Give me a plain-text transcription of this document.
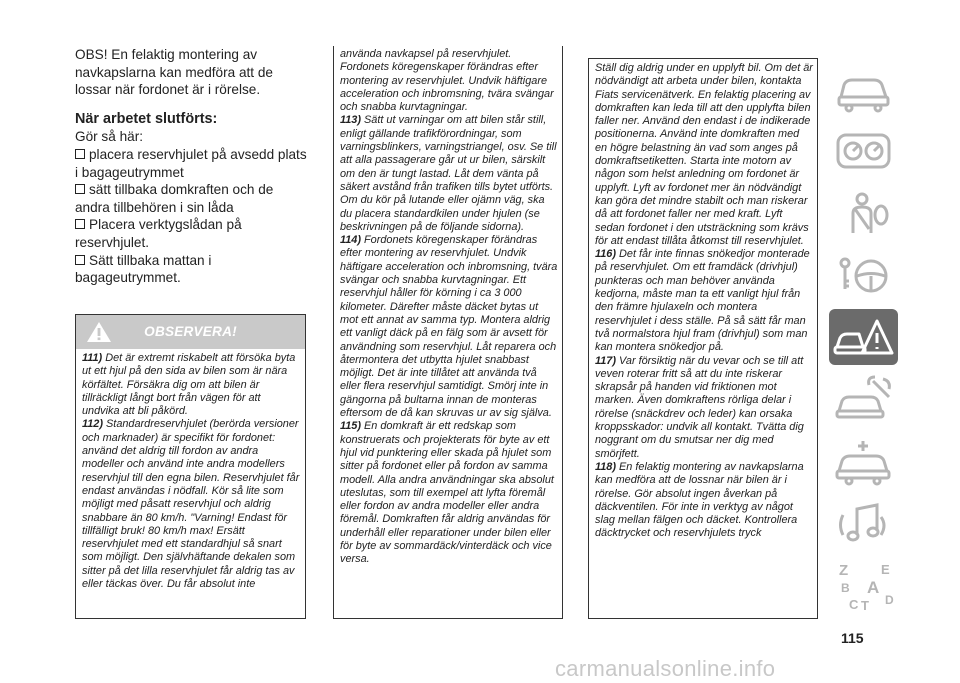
OBS! En felaktig montering av navkapslarna kan medföra att de lossar när fordonet är i rörelse.

När arbetet slutförts:

Gör så här:

placera reservhjulet på avsedd plats i bagageutrymmet
sätt tillbaka domkraften och de andra tillbehören i sin låda
Placera verktygslådan på reservhjulet.
Sätt tillbaka mattan i bagageutrymmet.
OBSERVERA!

111) Det är extremt riskabelt att försöka byta ut ett hjul på den sida av bilen som är nära körfältet. Försäkra dig om att bilen är tillräckligt långt bort från vägen för att undvika att bli påkörd.

112) Standardreservhjulet (berörda versioner och marknader) är specifikt för fordonet: använd det aldrig till fordon av andra modeller och använd inte andra modellers reservhjul till den egna bilen. Reservhjulet får endast användas i nödfall. Kör så lite som möjligt med påsatt reservhjul och aldrig snabbare än 80 km/h. "Varning! Endast för tillfälligt bruk! 80 km/h max! Ersätt reservhjulet med ett standardhjul så snart som möjligt. Den självhäftande dekalen som sitter på det lilla reservhjulet får aldrig tas av eller täckas över. Du får absolut inte

använda navkapsel på reservhjulet. Fordonets köregenskaper förändras efter montering av reservhjulet. Undvik häftigare acceleration och inbromsning, tvära svängar och snabba kurvtagningar.

113) Sätt ut varningar om att bilen står still, enligt gällande trafikförordningar, som varningsblinkers, varningstriangel, osv. Se till att alla passagerare går ut ur bilen, särskilt om den är tungt lastad. Låt dem vänta på säkert avstånd från trafiken tills bytet utförts. Om du kör på lutande eller ojämn väg, ska du placera standardkilen under hjulen (se beskrivningen på de följande sidorna).

114) Fordonets köregenskaper förändras efter montering av reservhjulet. Undvik häftigare acceleration och inbromsning, tvära svängar och snabba kurvtagningar. Ett reservhjul håller för körning i ca 3 000 kilometer. Därefter måste däcket bytas ut mot ett annat av samma typ. Montera aldrig ett vanligt däck på en fälg som är avsett för användning som reservhjul. Låt reparera och återmontera det utbytta hjulet snabbast möjligt. Det är inte tillåtet att använda två eller flera reservhjul samtidigt. Smörj inte in gängorna på bultarna innan de monteras eftersom de då kan skruvas ur av sig själva.

115) En domkraft är ett redskap som konstruerats och projekterats för byte av ett hjul vid punktering eller skada på hjulet som sitter på fordonet eller på fordon av samma modell. Alla andra användningar ska absolut uteslutas, som till exempel att lyfta föremål eller fordon av andra modeller eller andra föremål. Domkraften får aldrig användas för underhåll eller reparationer under bilen eller för byte av sommardäck/vinterdäck och vice versa.

Ställ dig aldrig under en upplyft bil. Om det är nödvändigt att arbeta under bilen, kontakta Fiats servicenätverk. En felaktig placering av domkraften kan leda till att den upplyfta bilen faller ner. Använd den endast i de indikerade positionerna. Använd inte domkraften med en högre belastning än vad som anges på domkraftsetiketten. Starta inte motorn av någon som helst anledning om fordonet är upplyft. Lyft av fordonet mer än nödvändigt kan göra det mindre stabilt och man riskerar då att fordonet faller ner med kraft. Lyft sedan fordonet i den utsträckning som krävs för att endast tillåta åtkomst till reservhjulet.

116) Det får inte finnas snökedjor monterade på reservhjulet. Om ett framdäck (drivhjul) punkteras och man behöver använda kedjorna, måste man ta ett vanligt hjul från den främre hjulaxeln och montera reservhjulet i dess ställe. På så sätt får man två normalstora hjul fram (drivhjul) som man kan montera snökedjor på.

117) Var försiktig när du vevar och se till att veven roterar fritt så att du inte riskerar skrapsår på handen vid friktionen mot marken. Även domkraftens rörliga delar i rörelse (snäckdrev och leder) kan orsaka kroppsskador: undvik all kontakt. Tvätta dig noggrant om du smutsar ner dig med smörjfett.

118) En felaktig montering av navkapslarna kan medföra att de lossnar när bilen är i rörelse. Gör absolut ingen åverkan på däckventilen. För inte in verktyg av något slag mellan fälgen och däcket. Kontrollera däcktrycket och reservhjulets tryck

Z	E
B A
C T D
115
carmanualsonline.info
